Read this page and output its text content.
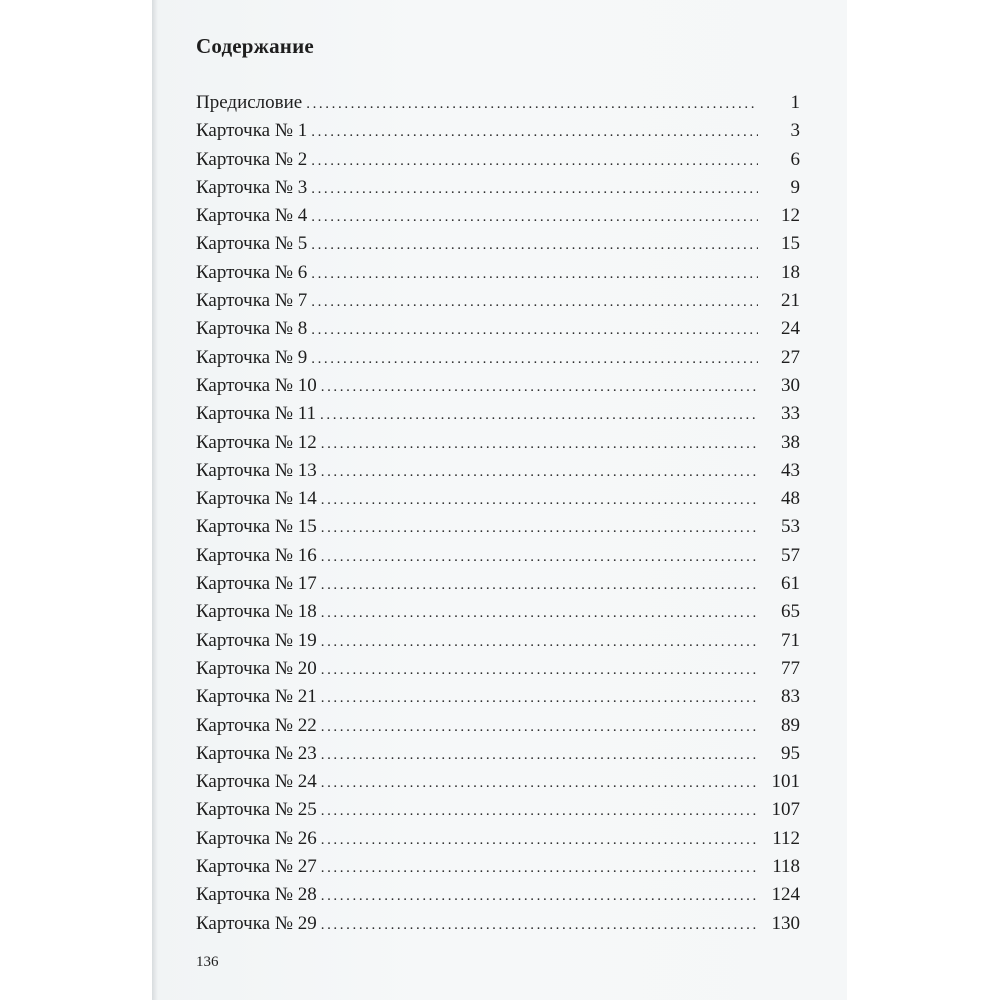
Содержание
Предисловие .....	1
Карточка № 1 .....	3
Карточка № 2 .....	6
Карточка № 3 .....	9
Карточка № 4 .....	12
Карточка № 5 .....	15
Карточка № 6 .....	18
Карточка № 7 .....	21
Карточка № 8 .....	24
Карточка № 9 .....	27
Карточка № 10 .....	30
Карточка № 11 .....	33
Карточка № 12 .....	38
Карточка № 13 .....	43
Карточка № 14 .....	48
Карточка № 15 .....	53
Карточка № 16 .....	57
Карточка № 17 .....	61
Карточка № 18 .....	65
Карточка № 19 .....	71
Карточка № 20 .....	77
Карточка № 21 .....	83
Карточка № 22 .....	89
Карточка № 23 .....	95
Карточка № 24 .....	101
Карточка № 25 .....	107
Карточка № 26 .....	112
Карточка № 27 .....	118
Карточка № 28 .....	124
Карточка № 29 .....	130
136
